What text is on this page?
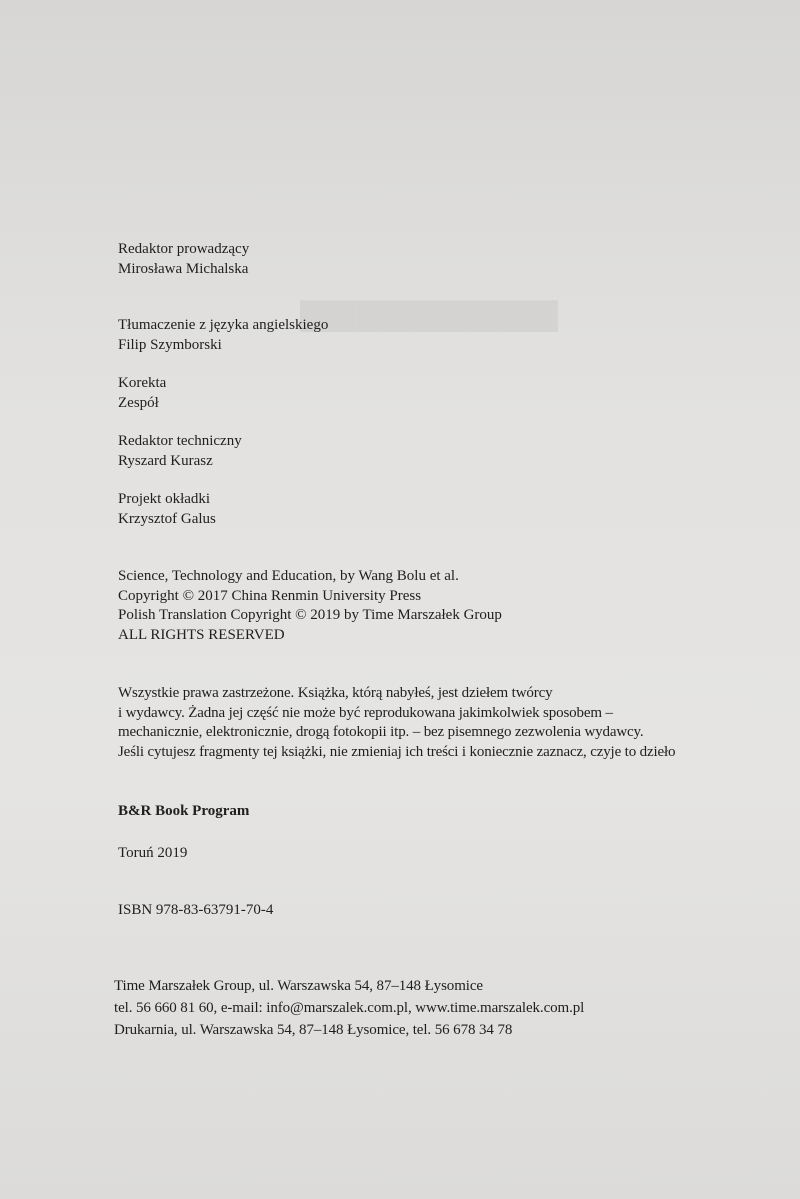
██████████████
Redaktor prowadzący
Mirosława Michalska
Tłumaczenie z języka angielskiego
Filip Szymborski
Korekta
Zespół
Redaktor techniczny
Ryszard Kurasz
Projekt okładki
Krzysztof Galus
Science, Technology and Education, by Wang Bolu et al.
Copyright © 2017 China Renmin University Press
Polish Translation Copyright © 2019 by Time Marszałek Group
ALL RIGHTS RESERVED
Wszystkie prawa zastrzeżone. Książka, którą nabyłeś, jest dziełem twórcy
i wydawcy. Żadna jej część nie może być reprodukowana jakimkolwiek sposobem –
mechanicznie, elektronicznie, drogą fotokopii itp. – bez pisemnego zezwolenia wydawcy.
Jeśli cytujesz fragmenty tej książki, nie zmieniaj ich treści i koniecznie zaznacz, czyje to dzieło
B&R Book Program
Toruń 2019
ISBN 978-83-63791-70-4
Time Marszałek Group, ul. Warszawska 54, 87–148 Łysomice
tel. 56 660 81 60, e-mail: info@marszalek.com.pl, www.time.marszalek.com.pl
Drukarnia, ul. Warszawska 54, 87–148 Łysomice, tel. 56 678 34 78
